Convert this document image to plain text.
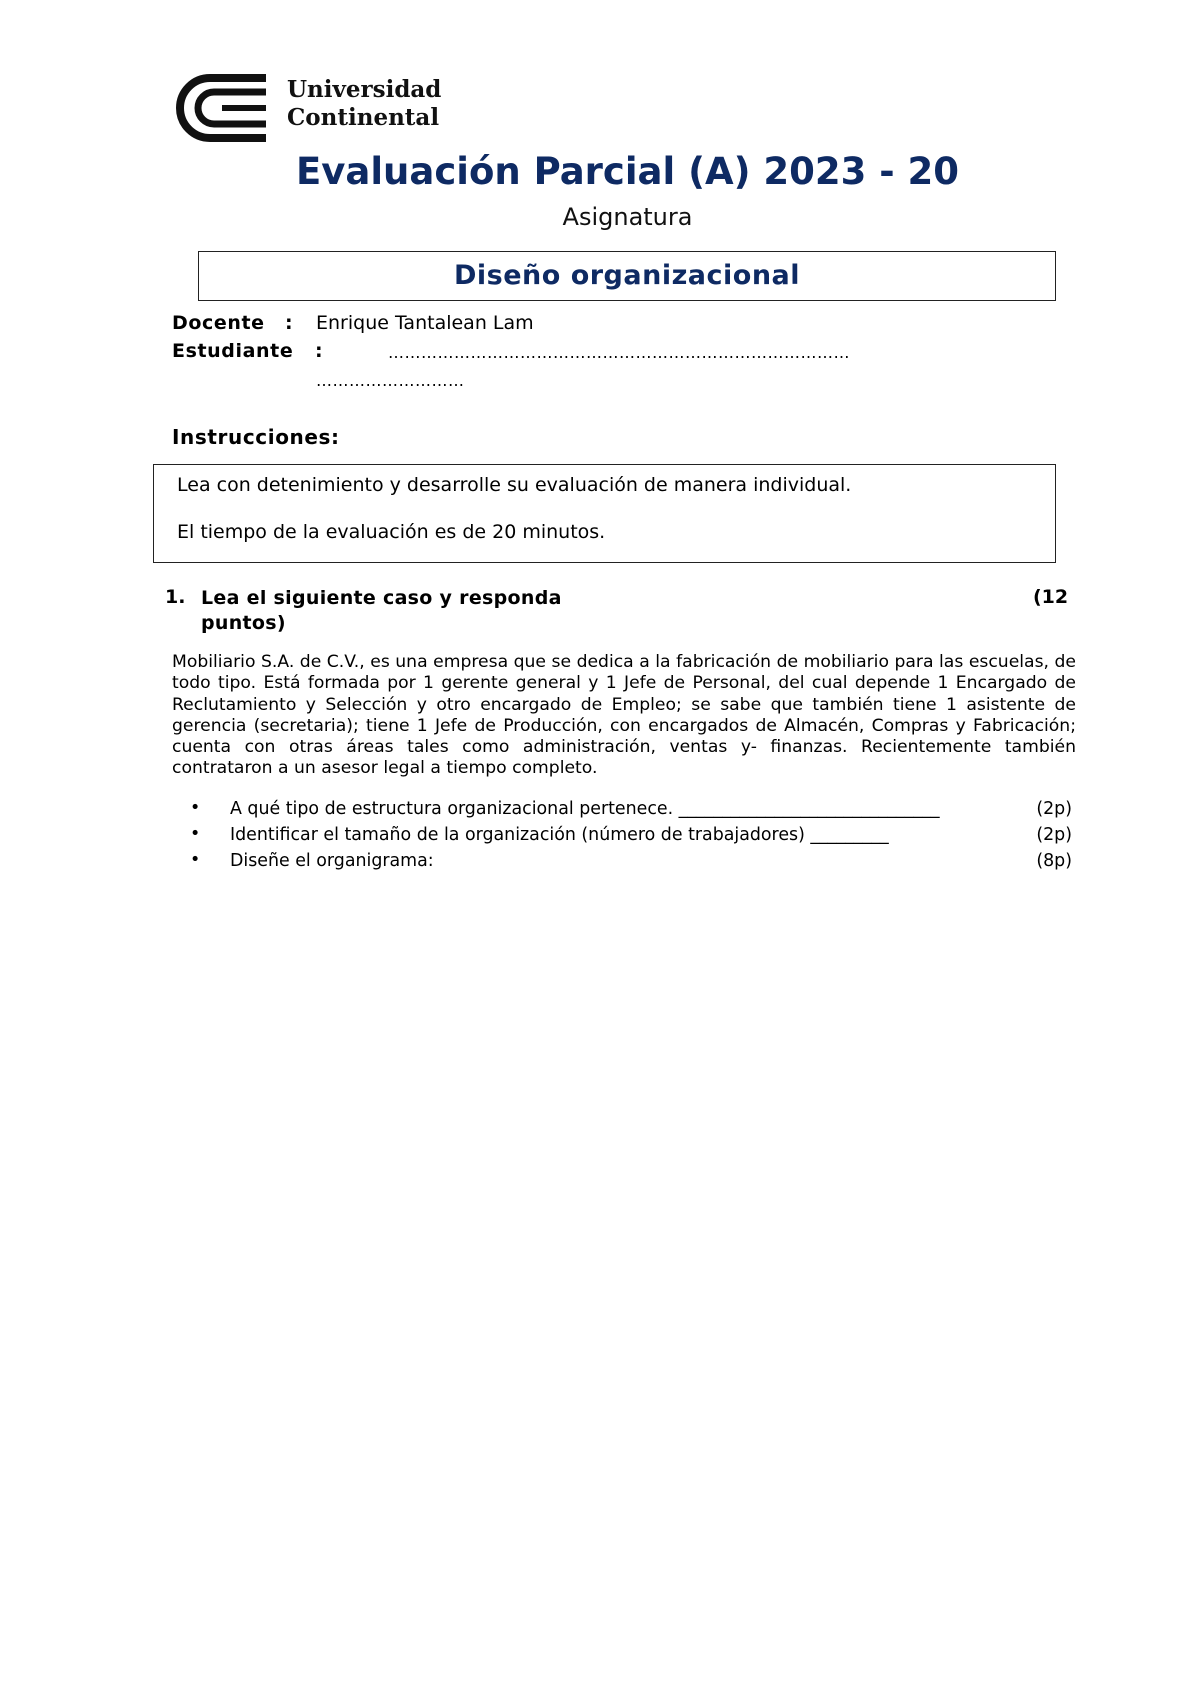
Universidad
Continental
Evaluación Parcial (A) 2023 - 20
Asignatura
Diseño organizacional
Docente : Enrique Tantalean Lam
Estudiante :	…………………………………………………………………………
………………………
Instrucciones:
Lea con detenimiento y desarrolle su evaluación de manera individual.
El tiempo de la evaluación es de 20 minutos.
1. Lea el siguiente caso y responda
puntos)
(12
Mobiliario S.A. de C.V., es una empresa que se dedica a la fabricación de mobiliario para las escuelas, de todo tipo. Está formada por 1 gerente general y 1 Jefe de Personal, del cual depende 1 Encargado de Reclutamiento y Selección y otro encargado de Empleo; se sabe que también tiene 1 asistente de gerencia (secretaria); tiene 1 Jefe de Producción, con encargados de Almacén, Compras y Fabricación; cuenta con otras áreas tales como administración, ventas y- finanzas. Recientemente también contrataron a un asesor legal a tiempo completo.
• A qué tipo de estructura organizacional pertenece. ______________________________	(2p)
• Identificar el tamaño de la organización (número de trabajadores) _________	(2p)
• Diseñe el organigrama:	(8p)
